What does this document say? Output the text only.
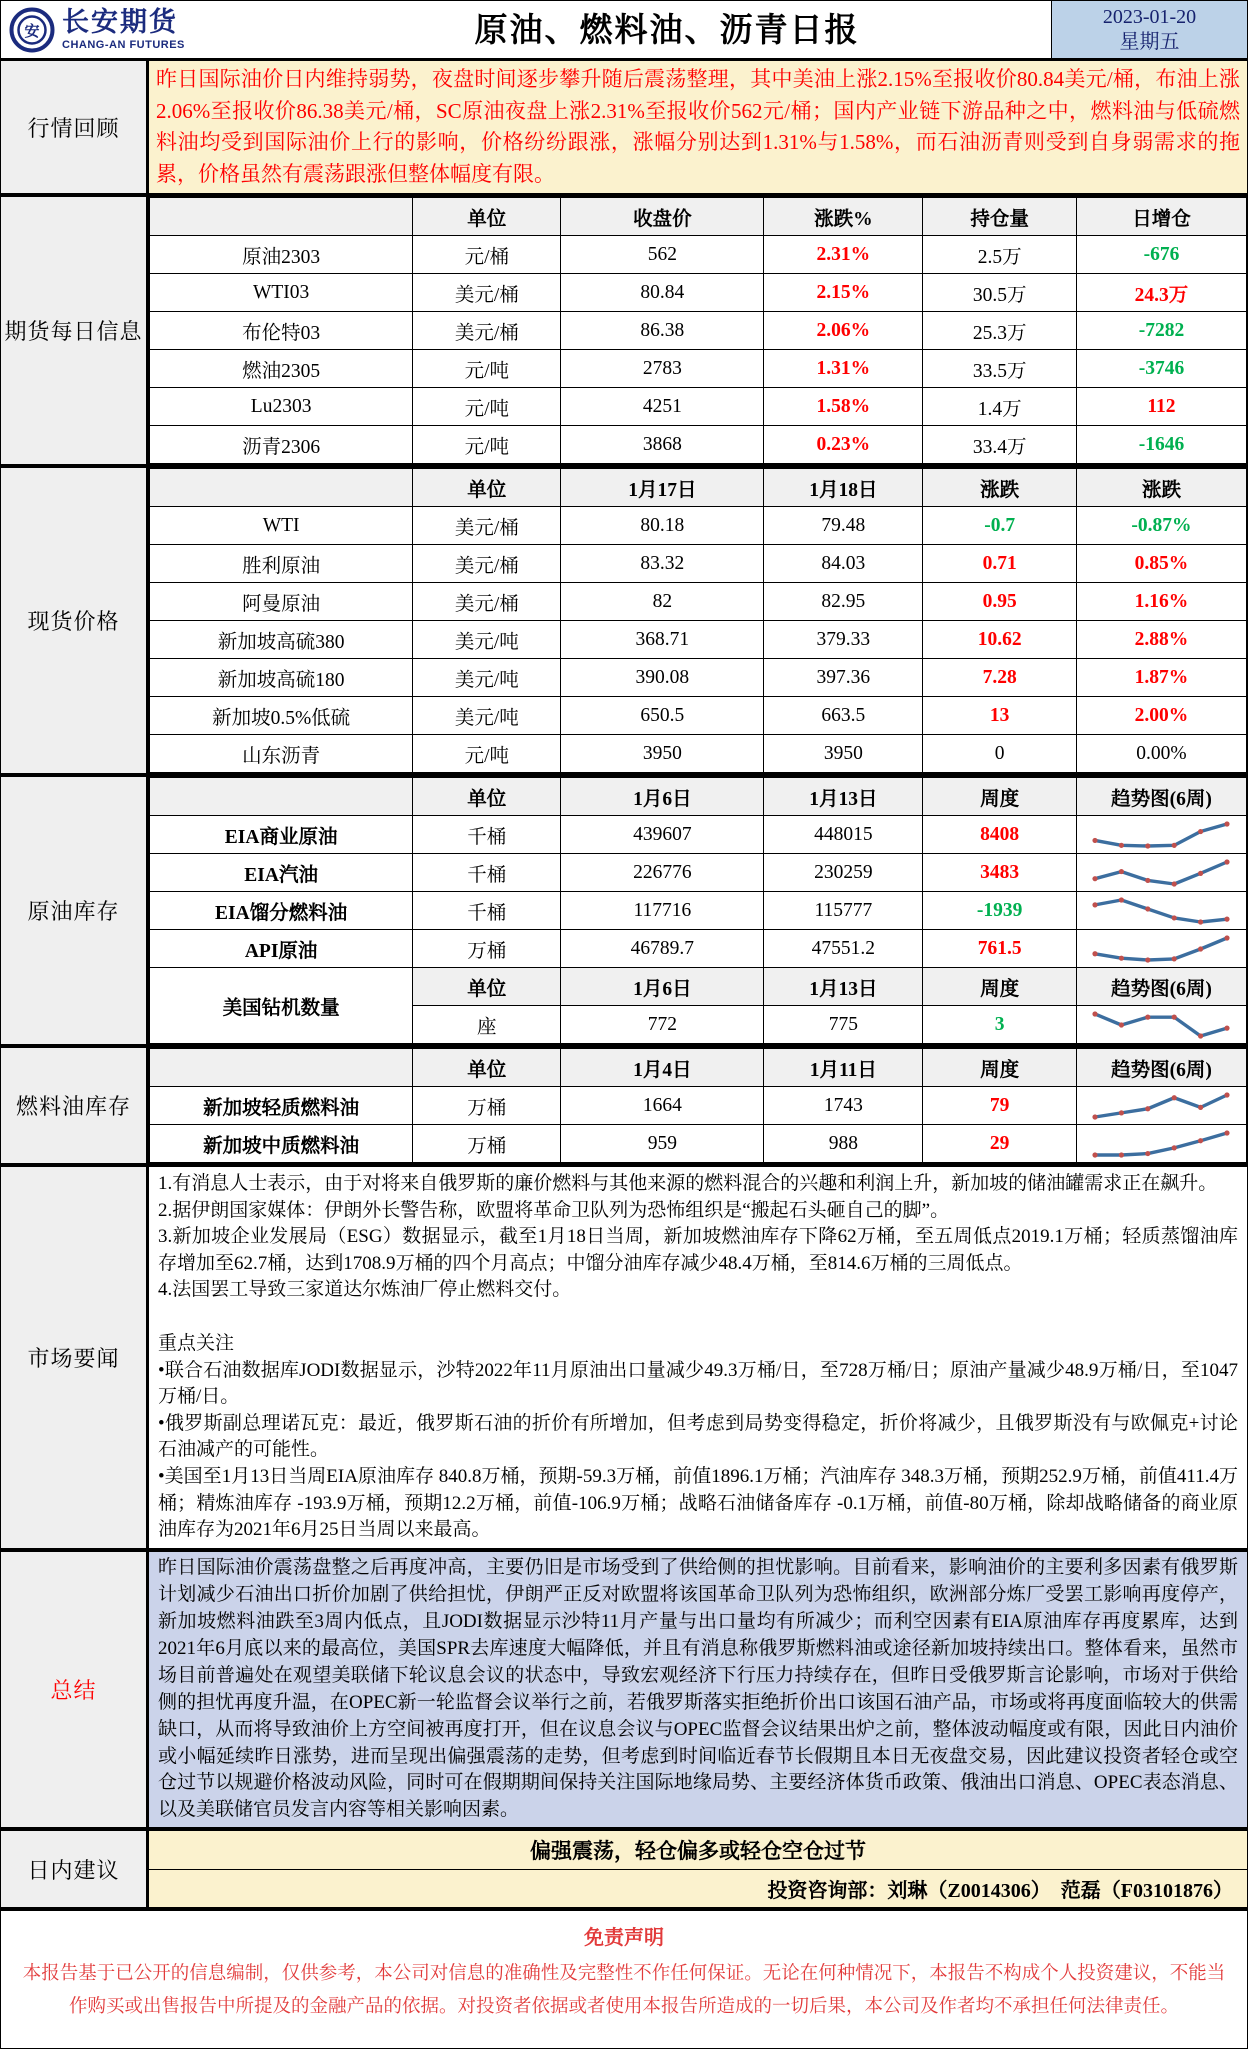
安 长安期货
CHANG-AN FUTURES	原油、燃料油、沥青日报	2023-01-20
星期五
行情回顾
昨日国际油价日内维持弱势，夜盘时间逐步攀升随后震荡整理，其中美油上涨2.15%至报收价80.84美元/桶，布油上涨2.06%至报收价86.38美元/桶，SC原油夜盘上涨2.31%至报收价562元/桶；国内产业链下游品种之中，燃料油与低硫燃料油均受到国际油价上行的影响，价格纷纷跟涨，涨幅分别达到1.31%与1.58%，而石油沥青则受到自身弱需求的拖累，价格虽然有震荡跟涨但整体幅度有限。
期货每日信息
	单位	收盘价	涨跌%	持仓量	日增仓
原油2303	元/桶	562	2.31%	2.5万	-676
WTI03	美元/桶	80.84	2.15%	30.5万	24.3万
布伦特03	美元/桶	86.38	2.06%	25.3万	-7282
燃油2305	元/吨	2783	1.31%	33.5万	-3746
Lu2303	元/吨	4251	1.58%	1.4万	112
沥青2306	元/吨	3868	0.23%	33.4万	-1646
现货价格
	单位	1月17日	1月18日	涨跌	涨跌
WTI	美元/桶	80.18	79.48	-0.7	-0.87%
胜利原油	美元/桶	83.32	84.03	0.71	0.85%
阿曼原油	美元/桶	82	82.95	0.95	1.16%
新加坡高硫380	美元/吨	368.71	379.33	10.62	2.88%
新加坡高硫180	美元/吨	390.08	397.36	7.28	1.87%
新加坡0.5%低硫	美元/吨	650.5	663.5	13	2.00%
山东沥青	元/吨	3950	3950	0	0.00%
原油库存
	单位	1月6日	1月13日	周度	趋势图(6周)
EIA商业原油	千桶	439607	448015	8408	

EIA汽油	千桶	226776	230259	3483	

EIA馏分燃料油	千桶	117716	115777	-1939	

API原油	万桶	46789.7	47551.2	761.5	

美国钻机数量	单位	1月6日	1月13日	周度	趋势图(6周)
	座	772	775	3	
燃料油库存
	单位	1月4日	1月11日	周度	趋势图(6周)
新加坡轻质燃料油	万桶	1664	1743	79	

新加坡中质燃料油	万桶	959	988	29	
市场要闻

1.有消息人士表示，由于对将来自俄罗斯的廉价燃料与其他来源的燃料混合的兴趣和利润上升，新加坡的储油罐需求正在飙升。

2.据伊朗国家媒体：伊朗外长警告称，欧盟将革命卫队列为恐怖组织是“搬起石头砸自己的脚”。

3.新加坡企业发展局（ESG）数据显示，截至1月18日当周，新加坡燃油库存下降62万桶，至五周低点2019.1万桶；轻质蒸馏油库存增加至62.7桶，达到1708.9万桶的四个月高点；中馏分油库存减少48.4万桶，至814.6万桶的三周低点。

4.法国罢工导致三家道达尔炼油厂停止燃料交付。

重点关注

•联合石油数据库JODI数据显示，沙特2022年11月原油出口量减少49.3万桶/日，至728万桶/日；原油产量减少48.9万桶/日，至1047万桶/日。

•俄罗斯副总理诺瓦克：最近，俄罗斯石油的折价有所增加，但考虑到局势变得稳定，折价将减少，且俄罗斯没有与欧佩克+讨论石油减产的可能性。

•美国至1月13日当周EIA原油库存 840.8万桶，预期-59.3万桶，前值1896.1万桶；汽油库存 348.3万桶，预期252.9万桶，前值411.4万桶；精炼油库存 -193.9万桶，预期12.2万桶，前值-106.9万桶；战略石油储备库存 -0.1万桶，前值-80万桶，除却战略储备的商业原油库存为2021年6月25日当周以来最高。

总结
昨日国际油价震荡盘整之后再度冲高，主要仍旧是市场受到了供给侧的担忧影响。目前看来，影响油价的主要利多因素有俄罗斯计划减少石油出口折价加剧了供给担忧，伊朗严正反对欧盟将该国革命卫队列为恐怖组织，欧洲部分炼厂受罢工影响再度停产，新加坡燃料油跌至3周内低点，且JODI数据显示沙特11月产量与出口量均有所减少；而利空因素有EIA原油库存再度累库，达到2021年6月底以来的最高位，美国SPR去库速度大幅降低，并且有消息称俄罗斯燃料油或途径新加坡持续出口。整体看来，虽然市场目前普遍处在观望美联储下轮议息会议的状态中，导致宏观经济下行压力持续存在，但昨日受俄罗斯言论影响，市场对于供给侧的担忧再度升温，在OPEC新一轮监督会议举行之前，若俄罗斯落实拒绝折价出口该国石油产品，市场或将再度面临较大的供需缺口，从而将导致油价上方空间被再度打开，但在议息会议与OPEC监督会议结果出炉之前，整体波动幅度或有限，因此日内油价或小幅延续昨日涨势，进而呈现出偏强震荡的走势，但考虑到时间临近春节长假期且本日无夜盘交易，因此建议投资者轻仓或空仓过节以规避价格波动风险，同时可在假期期间保持关注国际地缘局势、主要经济体货币政策、俄油出口消息、OPEC表态消息、以及美联储官员发言内容等相关影响因素。
日内建议
偏强震荡，轻仓偏多或轻仓空仓过节
投资咨询部：刘琳（Z0014306）　范磊（F03101876）

免责声明

本报告基于已公开的信息编制，仅供参考，本公司对信息的准确性及完整性不作任何保证。无论在何种情况下，本报告不构成个人投资建议，不能当作购买或出售报告中所提及的金融产品的依据。对投资者依据或者使用本报告所造成的一切后果，本公司及作者均不承担任何法律责任。
